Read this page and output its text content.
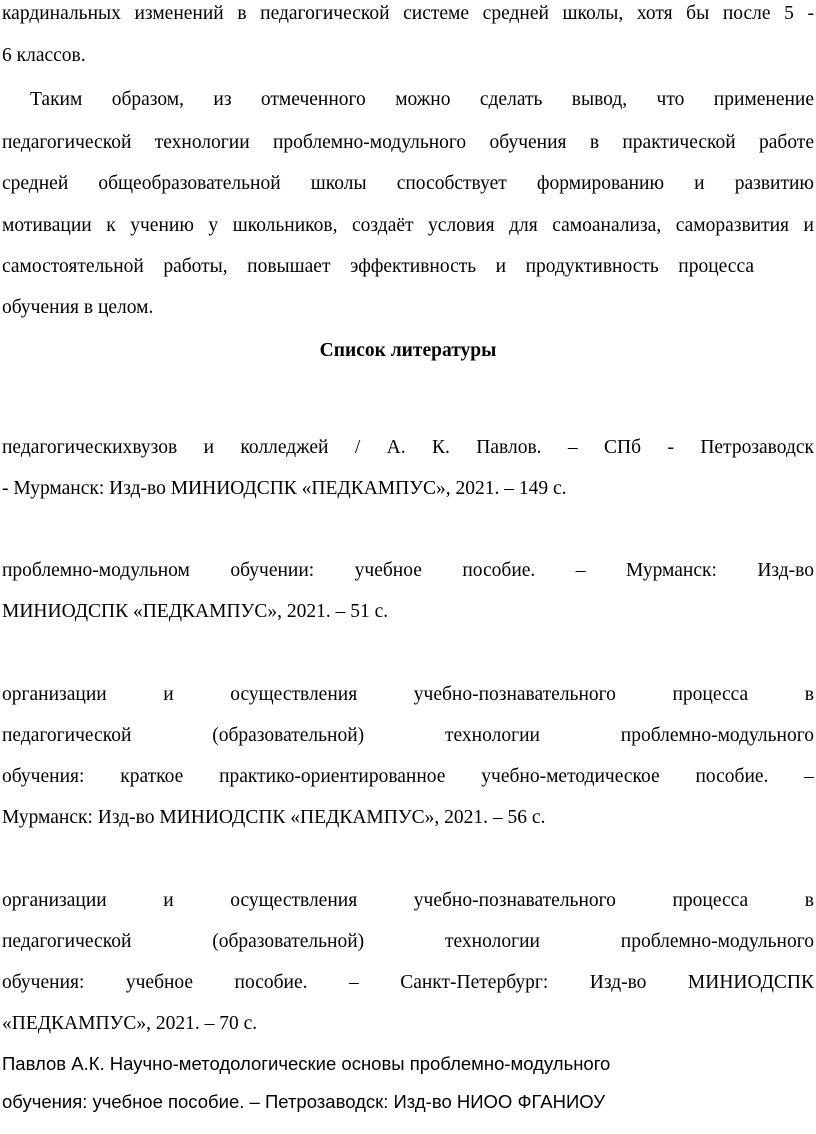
кардинальных изменений в педагогической системе средней школы, хотя бы после 5 -
6 классов.
Таким образом, из отмеченного можно сделать вывод, что применение
педагогической технологии проблемно-модульного обучения в практической работе
средней общеобразовательной школы способствует формированию и развитию
мотивации к учению у школьников, создаёт условия для самоанализа, саморазвития и
самостоятельной работы, повышает эффективность и продуктивность процесса
обучения в целом.
Список литературы
педагогическихвузов и колледжей / А. К. Павлов. – СПб - Петрозаводск
- Мурманск: Изд-во МИНИОДСПК «ПЕДКАМПУС», 2021. – 149 с.
проблемно-модульном обучении: учебное пособие. – Мурманск: Изд-во
МИНИОДСПК «ПЕДКАМПУС», 2021. – 51 с.
организации и осуществления учебно-познавательного процесса в
педагогической (образовательной) технологии проблемно-модульного
обучения: краткое практико-ориентированное учебно-методическое пособие. –
Мурманск: Изд-во МИНИОДСПК «ПЕДКАМПУС», 2021. – 56 с.
организации и осуществления учебно-познавательного процесса в
педагогической (образовательной) технологии проблемно-модульного
обучения: учебное пособие. – Санкт-Петербург: Изд-во МИНИОДСПК
«ПЕДКАМПУС», 2021. – 70 с.
Павлов А.К. Научно-методологические основы проблемно-модульного
обучения: учебное пособие. – Петрозаводск: Изд-во НИОО ФГАНИОУ
